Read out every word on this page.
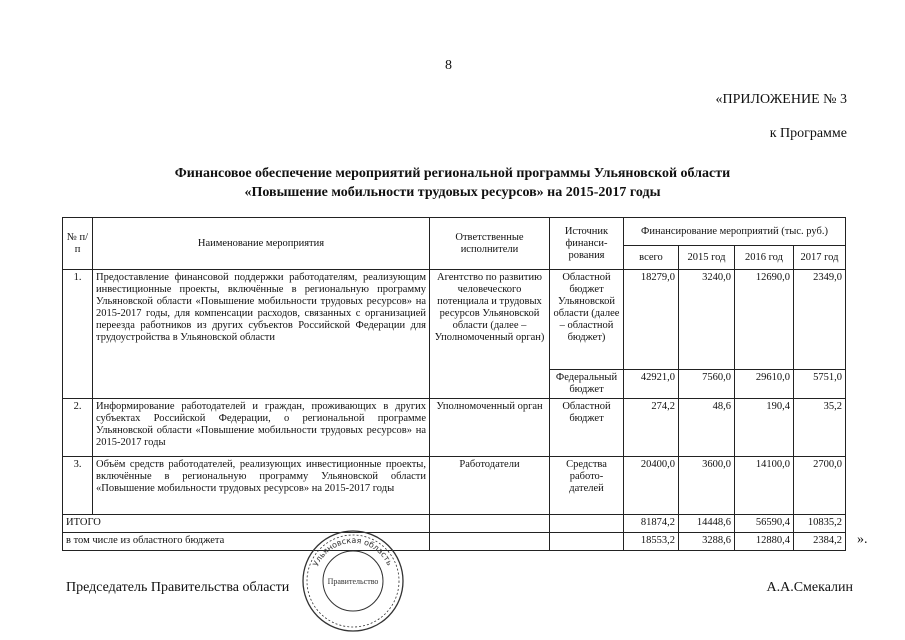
8
«ПРИЛОЖЕНИЕ № 3
к Программе
Финансовое обеспечение мероприятий региональной программы Ульяновской области
«Повышение мобильности трудовых ресурсов» на 2015-2017 годы
№ п/п	Наименование мероприятия	Ответственные исполнители	Источник финанси-рования	Финансирование мероприятий (тыс. руб.)			
				всего	2015 год	2016 год	2017 год
1.	Предоставление финансовой поддержки работодателям, реализующим инвестиционные проекты, включённые в региональную программу Ульяновской области «Повышение мобильности трудовых ресурсов» на 2015-2017 годы, для компенсации расходов, связанных с организацией переезда работников из других субъектов Российской Федерации для трудоустройства в Ульяновской области	Агентство по развитию человеческого потенциала и трудовых ресурсов Ульяновской области (далее – Уполномоченный орган)	Областной бюджет Ульяновской области (далее – областной бюджет)	18279,0	3240,0	12690,0	2349,0
			Федеральный бюджет	42921,0	7560,0	29610,0	5751,0
2.	Информирование работодателей и граждан, проживающих в других субъектах Российской Федерации, о региональной программе Ульяновской области «Повышение мобильности трудовых ресурсов» на 2015-2017 годы	Уполномоченный орган	Областной бюджет	274,2	48,6	190,4	35,2
3.	Объём средств работодателей, реализующих инвестиционные проекты, включённые в региональную программу Ульяновской области «Повышение мобильности трудовых ресурсов» на 2015-2017 годы	Работодатели	Средства работо-дателей	20400,0	3600,0	14100,0	2700,0
ИТОГО				81874,2	14448,6	56590,4	10835,2
в том числе из областного бюджета				18553,2	3288,6	12880,4	2384,2 ».
Ульяновская область
Правительство
Председатель Правительства области	А.А.Смекалин
